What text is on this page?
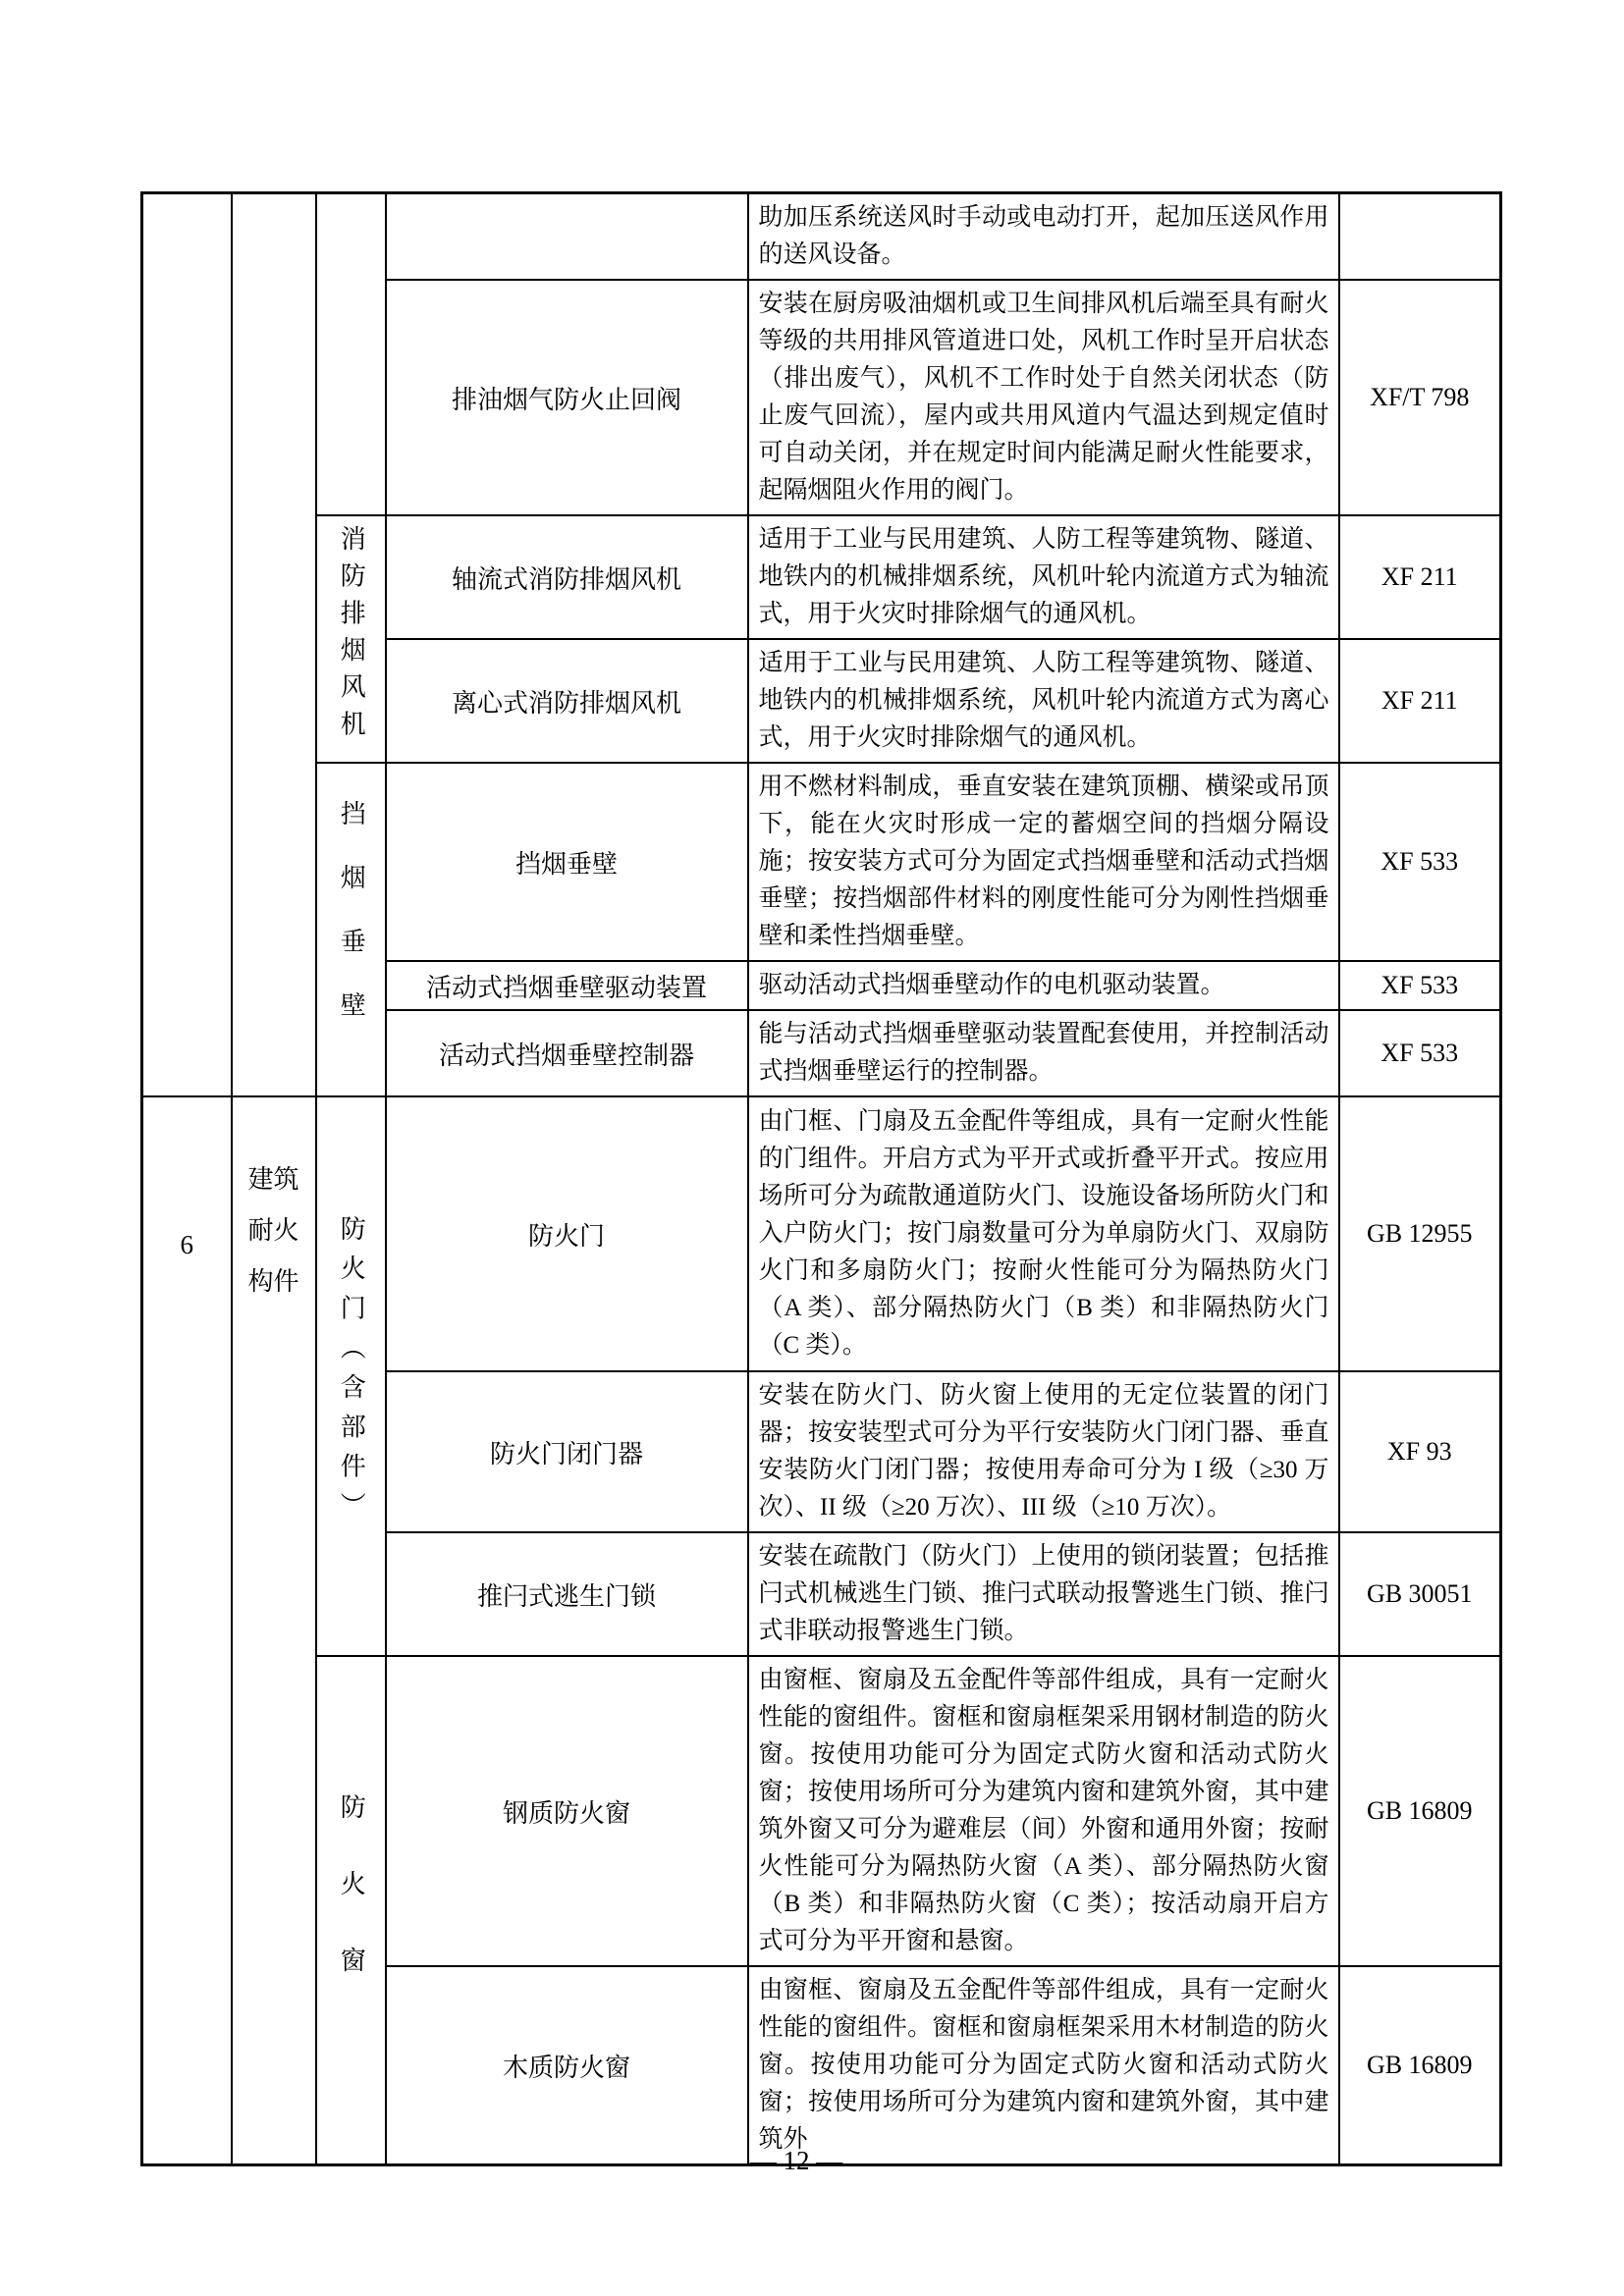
				助加压系统送风时手动或电动打开，起加压送风作用的送风设备。	
			排油烟气防火止回阀	安装在厨房吸油烟机或卫生间排风机后端至具有耐火等级的共用排风管道进口处，风机工作时呈开启状态（排出废气），风机不工作时处于自然关闭状态（防止废气回流），屋内或共用风道内气温达到规定值时可自动关闭，并在规定时间内能满足耐火性能要求，起隔烟阻火作用的阀门。	XF/T 798
		消防排烟风机	轴流式消防排烟风机	适用于工业与民用建筑、人防工程等建筑物、隧道、地铁内的机械排烟系统，风机叶轮内流道方式为轴流式，用于火灾时排除烟气的通风机。	XF 211
			离心式消防排烟风机	适用于工业与民用建筑、人防工程等建筑物、隧道、地铁内的机械排烟系统，风机叶轮内流道方式为离心式，用于火灾时排除烟气的通风机。	XF 211
		挡烟垂壁	挡烟垂壁	用不燃材料制成，垂直安装在建筑顶棚、横梁或吊顶下，能在火灾时形成一定的蓄烟空间的挡烟分隔设施；按安装方式可分为固定式挡烟垂壁和活动式挡烟垂壁；按挡烟部件材料的刚度性能可分为刚性挡烟垂壁和柔性挡烟垂壁。	XF 533
			活动式挡烟垂壁驱动装置	驱动活动式挡烟垂壁动作的电机驱动装置。	XF 533
			活动式挡烟垂壁控制器	能与活动式挡烟垂壁驱动装置配套使用，并控制活动式挡烟垂壁运行的控制器。	XF 533

6	建筑耐火构件	防火门（含部件）	防火门	由门框、门扇及五金配件等组成，具有一定耐火性能的门组件。开启方式为平开式或折叠平开式。按应用场所可分为疏散通道防火门、设施设备场所防火门和入户防火门；按门扇数量可分为单扇防火门、双扇防火门和多扇防火门；按耐火性能可分为隔热防火门（A 类）、部分隔热防火门（B 类）和非隔热防火门（C 类）。	GB 12955
			防火门闭门器	安装在防火门、防火窗上使用的无定位装置的闭门器；按安装型式可分为平行安装防火门闭门器、垂直安装防火门闭门器；按使用寿命可分为 I 级（≥30 万次）、II 级（≥20 万次）、III 级（≥10 万次）。	XF 93
			推闩式逃生门锁	安装在疏散门（防火门）上使用的锁闭装置；包括推闩式机械逃生门锁、推闩式联动报警逃生门锁、推闩式非联动报警逃生门锁。	GB 30051
		防火窗	钢质防火窗	由窗框、窗扇及五金配件等部件组成，具有一定耐火性能的窗组件。窗框和窗扇框架采用钢材制造的防火窗。按使用功能可分为固定式防火窗和活动式防火窗；按使用场所可分为建筑内窗和建筑外窗，其中建筑外窗又可分为避难层（间）外窗和通用外窗；按耐火性能可分为隔热防火窗（A 类）、部分隔热防火窗（B 类）和非隔热防火窗（C 类）；按活动扇开启方式可分为平开窗和悬窗。	GB 16809
			木质防火窗	由窗框、窗扇及五金配件等部件组成，具有一定耐火性能的窗组件。窗框和窗扇框架采用木材制造的防火窗。按使用功能可分为固定式防火窗和活动式防火窗；按使用场所可分为建筑内窗和建筑外窗，其中建筑外	GB 16809
— 12 —
